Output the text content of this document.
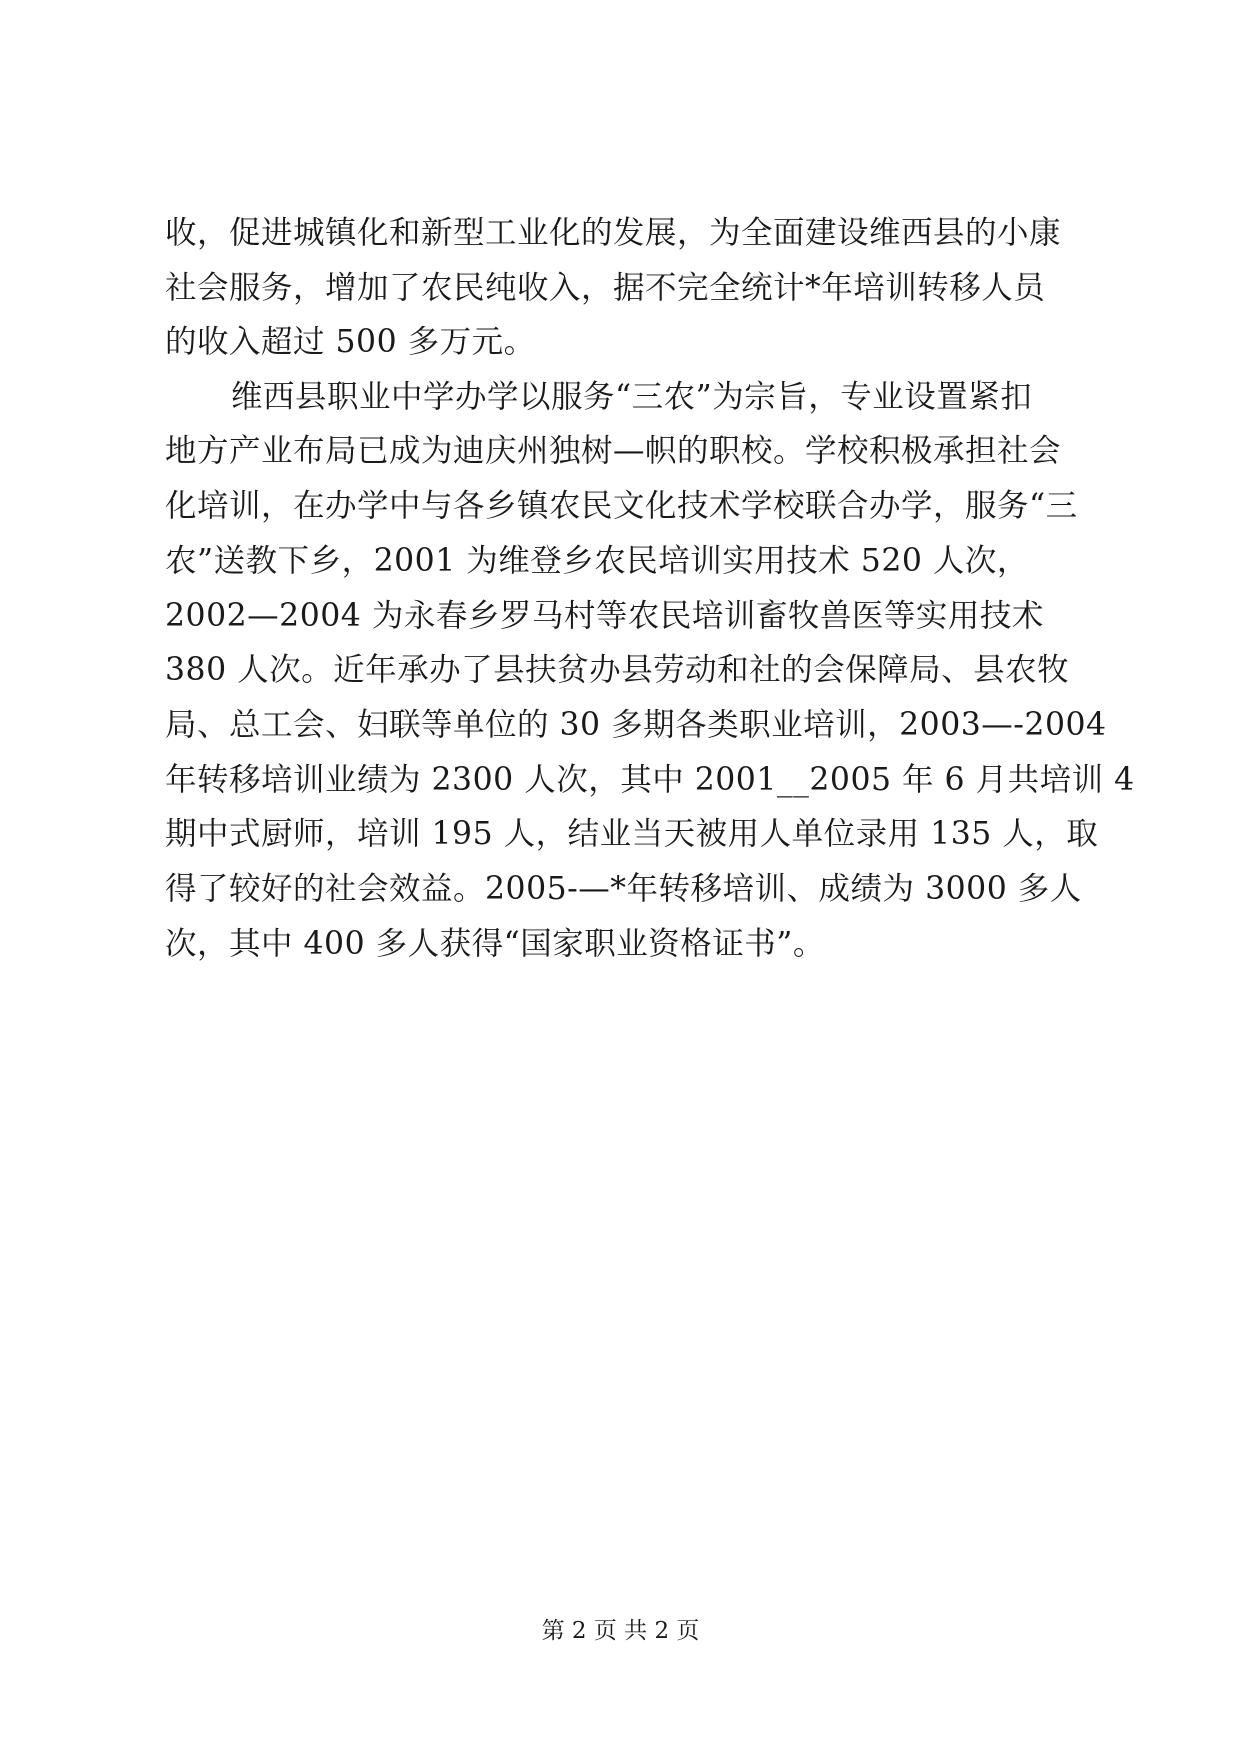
收，促进城镇化和新型工业化的发展，为全面建设维西县的小康
社会服务，增加了农民纯收入，据不完全统计*年培训转移人员
的收入超过 500 多万元。
维西县职业中学办学以服务“三农”为宗旨，专业设置紧扣
地方产业布局已成为迪庆州独树—帜的职校。学校积极承担社会
化培训，在办学中与各乡镇农民文化技术学校联合办学，服务“三
农”送教下乡，2001 为维登乡农民培训实用技术 520 人次，
2002—2004 为永春乡罗马村等农民培训畜牧兽医等实用技术
380 人次。近年承办了县扶贫办县劳动和社的会保障局、县农牧
局、总工会、妇联等单位的 30 多期各类职业培训，2003—-2004
年转移培训业绩为 2300 人次，其中 2001__2005 年 6 月共培训 4
期中式厨师，培训 195 人，结业当天被用人单位录用 135 人，取
得了较好的社会效益。2005-—*年转移培训、成绩为 3000 多人
次，其中 400 多人获得“国家职业资格证书”。
第 2 页 共 2 页
